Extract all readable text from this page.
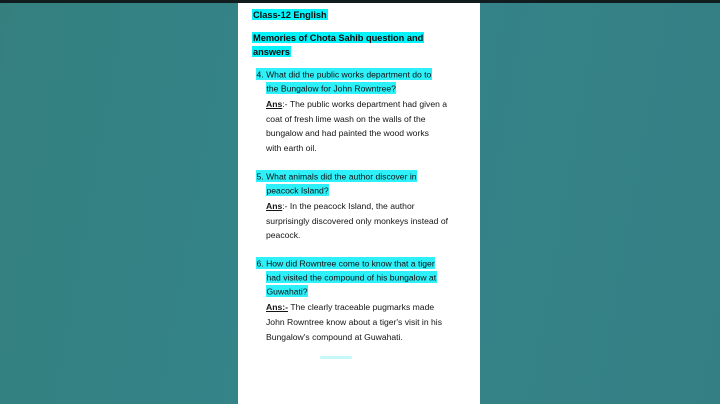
Class-12 English
Memories of Chota Sahib question and
answers
4. What did the public works department do to
the Bungalow for John Rowntree?
Ans:- The public works department had given a
coat of fresh lime wash on the walls of the
bungalow and had painted the wood works
with earth oil.
5. What animals did the author discover in
peacock Island?
Ans:- In the peacock Island, the author
surprisingly discovered only monkeys instead of
peacock.
6. How did Rowntree come to know that a tiger
had visited the compound of his bungalow at
Guwahati?
Ans:- The clearly traceable pugmarks made
John Rowntree know about a tiger's visit in his
Bungalow's compound at Guwahati.
